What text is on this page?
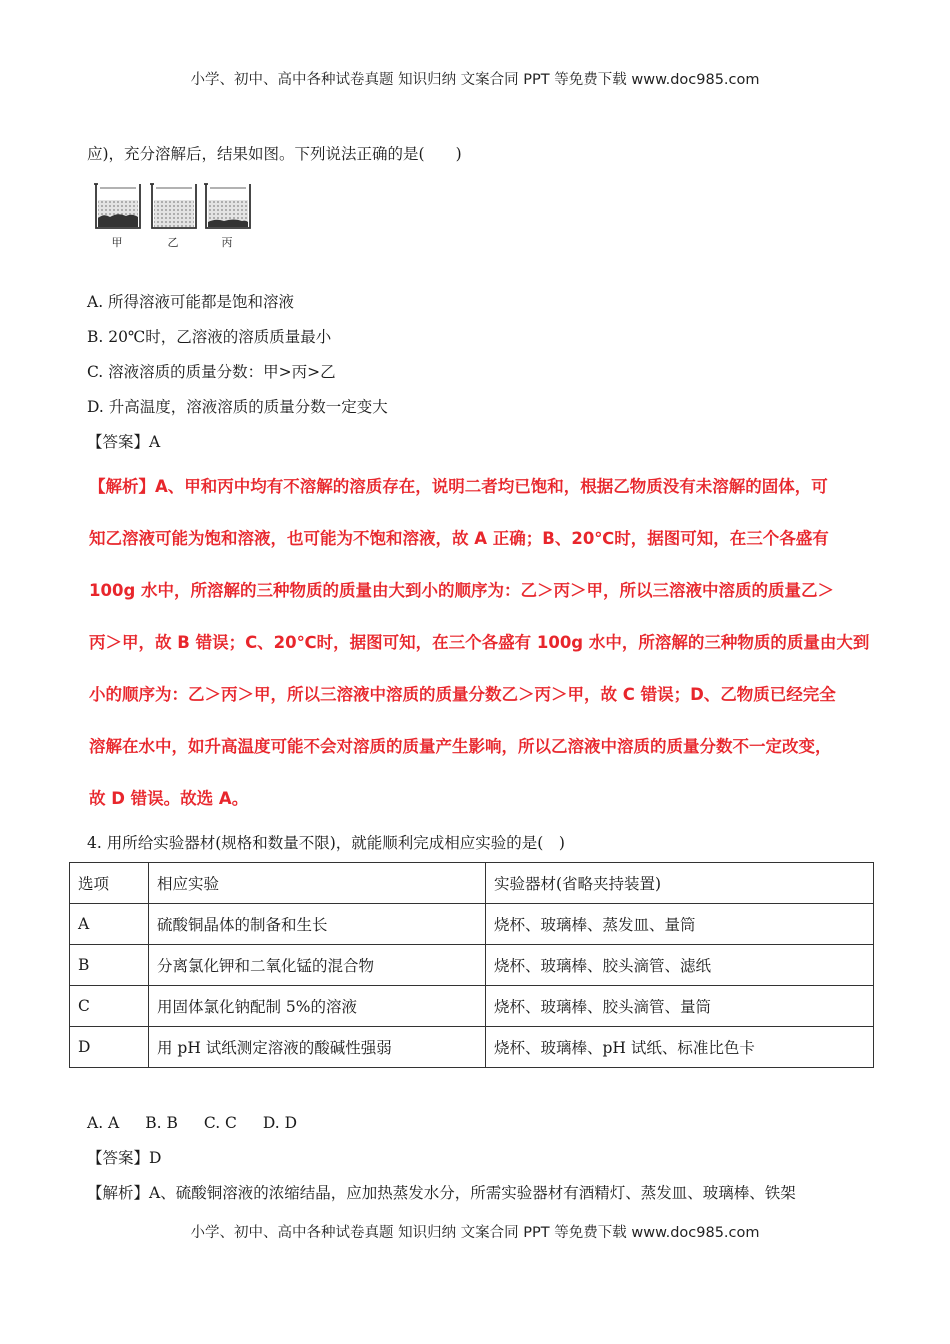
小学、初中、高中各种试卷真题 知识归纳 文案合同 PPT 等免费下载 www.doc985.com
应)，充分溶解后，结果如图。下列说法正确的是(　　)
甲	乙	丙
A. 所得溶液可能都是饱和溶液
B. 20℃时，乙溶液的溶质质量最小
C. 溶液溶质的质量分数：甲>丙>乙
D. 升高温度，溶液溶质的质量分数一定变大
【答案】A
【解析】A、甲和丙中均有不溶解的溶质存在，说明二者均已饱和，根据乙物质没有未溶解的固体，可
知乙溶液可能为饱和溶液，也可能为不饱和溶液，故 A 正确；B、20℃时，据图可知，在三个各盛有
100g 水中，所溶解的三种物质的质量由大到小的顺序为：乙＞丙＞甲，所以三溶液中溶质的质量乙＞
丙＞甲，故 B 错误；C、20℃时，据图可知，在三个各盛有 100g 水中，所溶解的三种物质的质量由大到
小的顺序为：乙＞丙＞甲，所以三溶液中溶质的质量分数乙＞丙＞甲，故 C 错误；D、乙物质已经完全
溶解在水中，如升高温度可能不会对溶质的质量产生影响，所以乙溶液中溶质的质量分数不一定改变，
故 D 错误。故选 A。
4. 用所给实验器材(规格和数量不限)，就能顺利完成相应实验的是(　)
选项	相应实验	实验器材(省略夹持装置)
A	硫酸铜晶体的制备和生长	烧杯、玻璃棒、蒸发皿、量筒
B	分离氯化钾和二氧化锰的混合物	烧杯、玻璃棒、胶头滴管、滤纸
C	用固体氯化钠配制 5%的溶液	烧杯、玻璃棒、胶头滴管、量筒
D	用 pH 试纸测定溶液的酸碱性强弱	烧杯、玻璃棒、pH 试纸、标准比色卡
A. A B. B C. C D. D
【答案】D
【解析】A、硫酸铜溶液的浓缩结晶，应加热蒸发水分，所需实验器材有酒精灯、蒸发皿、玻璃棒、铁架
小学、初中、高中各种试卷真题 知识归纳 文案合同 PPT 等免费下载 www.doc985.com
